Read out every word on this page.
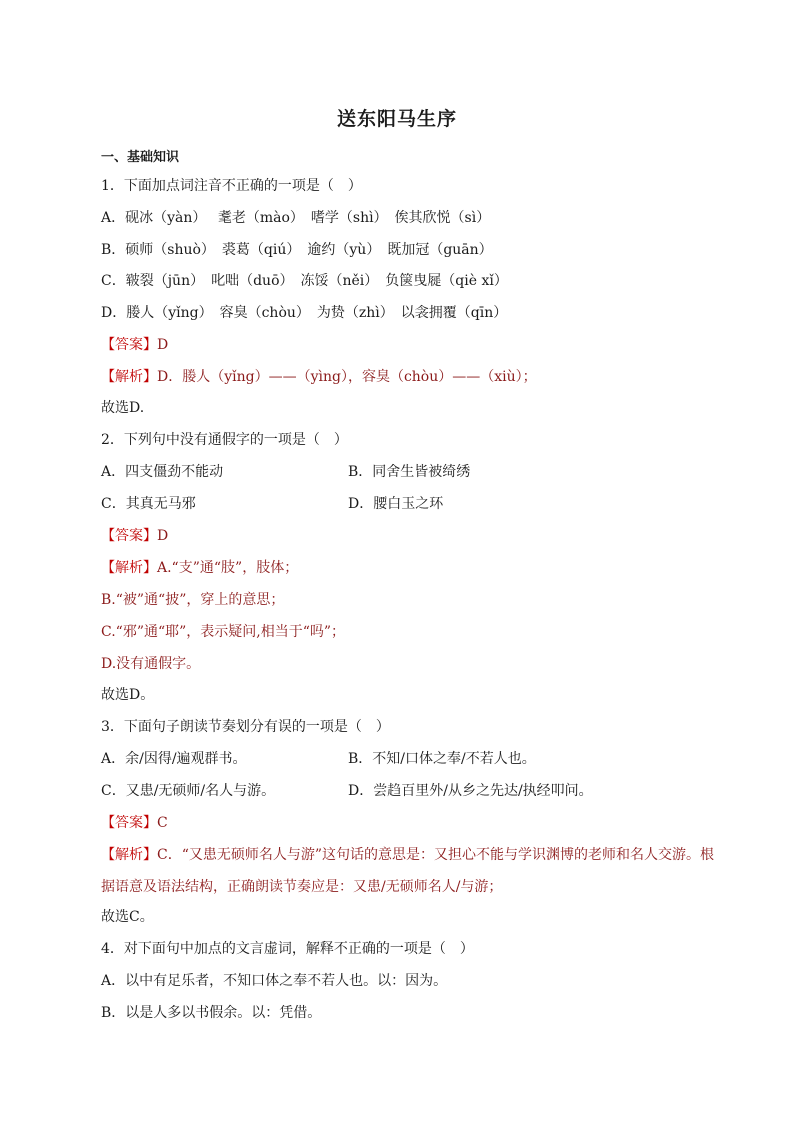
送东阳马生序
一、基础知识
1．下面加点词注音不正确的一项是（　）
A．砚冰（yàn）　 耄老（mào）　嗜学（shì）　俟其欣悦（sì）
B．硕师（shuò）　裘葛（qiú）　逾约（yù）　既加冠（guān）
C．皲裂（jūn）　叱咄（duō）　冻馁（něi）　负箧曳屣（qiè xǐ）
D．媵人（yǐng）　容臭（chòu）　为贽（zhì）　以衾拥覆（qīn）
【答案】D
【解析】D．媵人（yǐng）——（yìng），容臭（chòu）——（xiù）；
故选D.
2．下列句中没有通假字的一项是（　）
A．四支僵劲不能动	B．同舍生皆被绮绣
C．其真无马邪	D．腰白玉之环
【答案】D
【解析】A.“支”通“肢”，肢体；
B.“被”通“披”，穿上的意思；
C.“邪”通“耶”，表示疑问,相当于“吗”；
D.没有通假字。
故选D。
3．下面句子朗读节奏划分有误的一项是（　）
A．余/因得/遍观群书。	B．不知/口体之奉/不若人也。
C．又患/无硕师/名人与游。	D．尝趋百里外/从乡之先达/执经叩问。
【答案】C
【解析】C．“又患无硕师名人与游”这句话的意思是：又担心不能与学识渊博的老师和名人交游。根据语意及语法结构，正确朗读节奏应是：又患/无硕师名人/与游；
故选C。
4．对下面句中加点的文言虚词，解释不正确的一项是（　）
A．以中有足乐者，不知口体之奉不若人也。以：因为。
B．以是人多以书假余。以：凭借。
